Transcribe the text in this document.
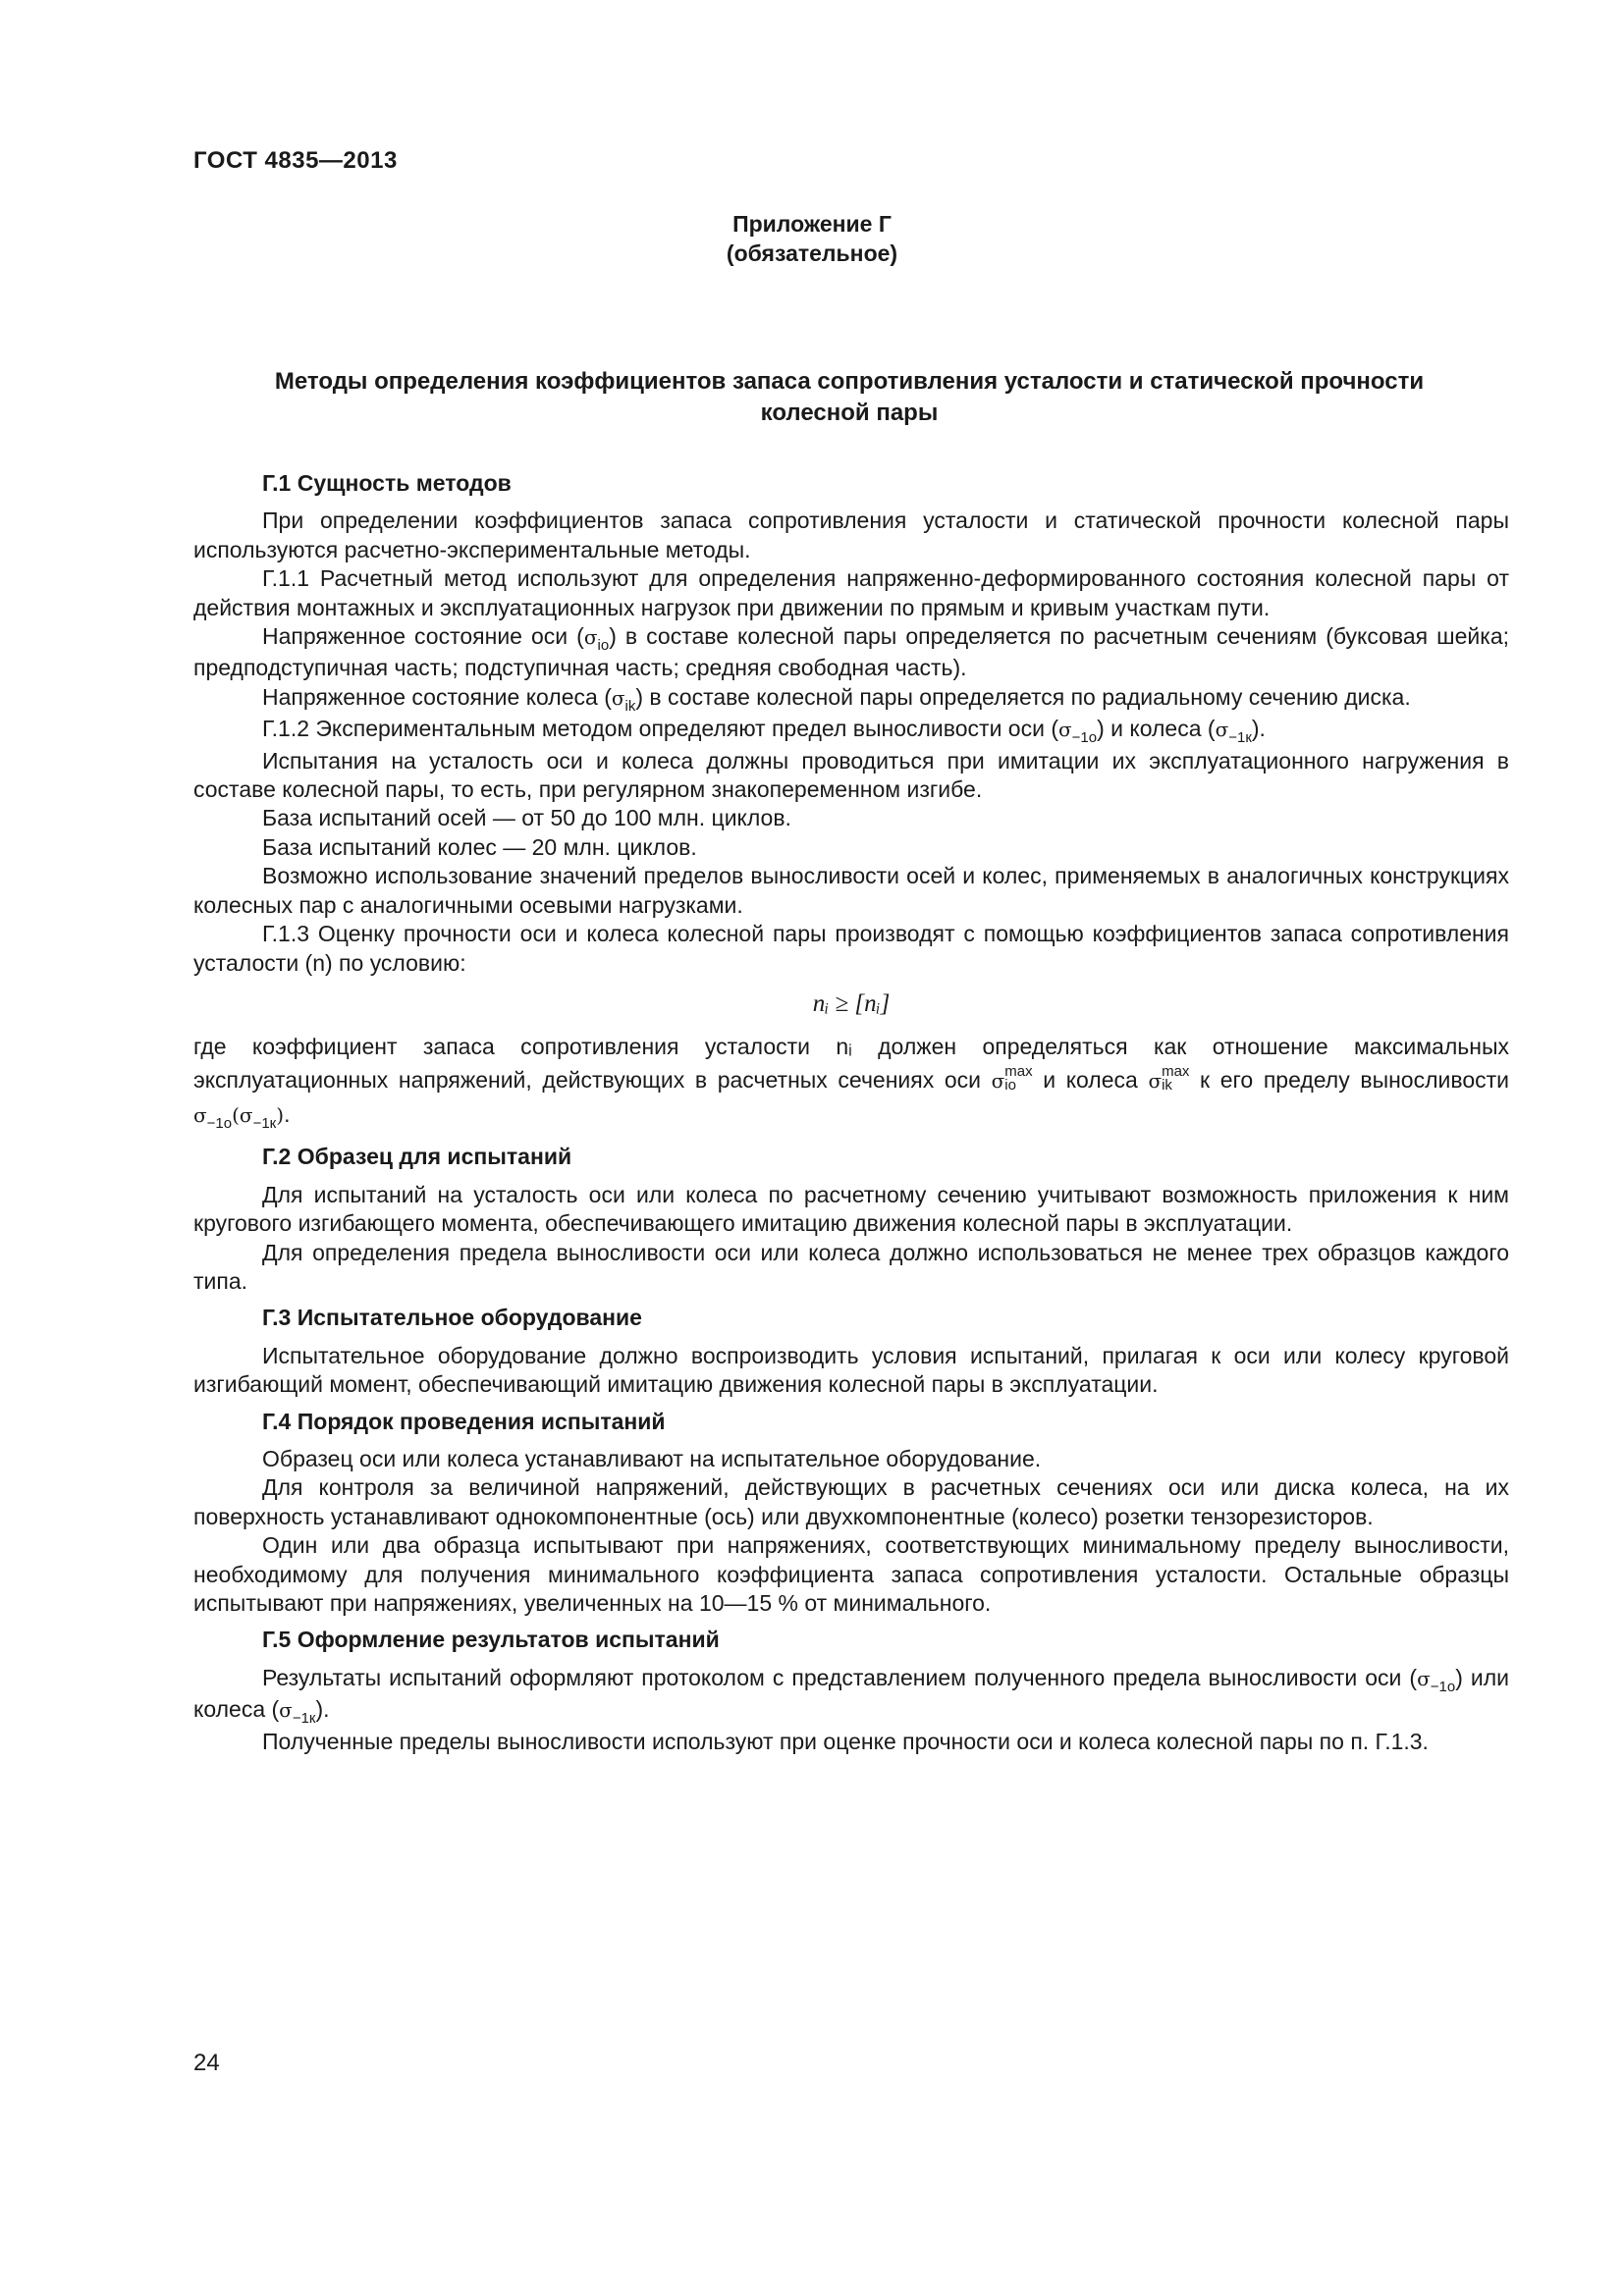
ГОСТ 4835—2013
Приложение Г
(обязательное)
Методы определения коэффициентов запаса сопротивления усталости и статической прочности колесной пары
Г.1 Сущность методов

При определении коэффициентов запаса сопротивления усталости и статической прочности колесной пары используются расчетно-экспериментальные методы.

Г.1.1 Расчетный метод используют для определения напряженно-деформированного состояния колесной пары от действия монтажных и эксплуатационных нагрузок при движении по прямым и кривым участкам пути.

Напряженное состояние оси $(\sigma_{io})$ в составе колесной пары определяется по расчетным сечениям (буксовая шейка; предподступичная часть; подступичная часть; средняя свободная часть).

Напряженное состояние колеса $(\sigma_{ik})$ в составе колесной пары определяется по радиальному сечению диска.

Г.1.2 Экспериментальным методом определяют предел выносливости оси $(\sigma_{-1o})$ и колеса $(\sigma_{-1к})$.

Испытания на усталость оси и колеса должны проводиться при имитации их эксплуатационного нагружения в составе колесной пары, то есть, при регулярном знакопеременном изгибе.

База испытаний осей — от 50 до 100 млн. циклов.

База испытаний колес — 20 млн. циклов.

Возможно использование значений пределов выносливости осей и колес, применяемых в аналогичных конструкциях колесных пар с аналогичными осевыми нагрузками.

Г.1.3 Оценку прочности оси и колеса колесной пары производят с помощью коэффициентов запаса сопротивления усталости (n) по условию:

nᵢ ≥ [nᵢ]

где коэффициент запаса сопротивления усталости nᵢ должен определяться как отношение максимальных эксплуатационных напряжений, действующих в расчетных сечениях оси σ max
io и колеса σ max
ik к его пределу выносливости $\sigma_{-1o}(\sigma_{-1к})$.

Г.2 Образец для испытаний

Для испытаний на усталость оси или колеса по расчетному сечению учитывают возможность приложения к ним кругового изгибающего момента, обеспечивающего имитацию движения колесной пары в эксплуатации.

Для определения предела выносливости оси или колеса должно использоваться не менее трех образцов каждого типа.

Г.3 Испытательное оборудование

Испытательное оборудование должно воспроизводить условия испытаний, прилагая к оси или колесу круговой изгибающий момент, обеспечивающий имитацию движения колесной пары в эксплуатации.

Г.4 Порядок проведения испытаний

Образец оси или колеса устанавливают на испытательное оборудование.

Для контроля за величиной напряжений, действующих в расчетных сечениях оси или диска колеса, на их поверхность устанавливают однокомпонентные (ось) или двухкомпонентные (колесо) розетки тензорезисторов.

Один или два образца испытывают при напряжениях, соответствующих минимальному пределу выносливости, необходимому для получения минимального коэффициента запаса сопротивления усталости. Остальные образцы испытывают при напряжениях, увеличенных на 10—15 % от минимального.

Г.5 Оформление результатов испытаний

Результаты испытаний оформляют протоколом с представлением полученного предела выносливости оси $(\sigma_{-1o})$ или колеса $(\sigma_{-1к})$.

Полученные пределы выносливости используют при оценке прочности оси и колеса колесной пары по п. Г.1.3.

24
